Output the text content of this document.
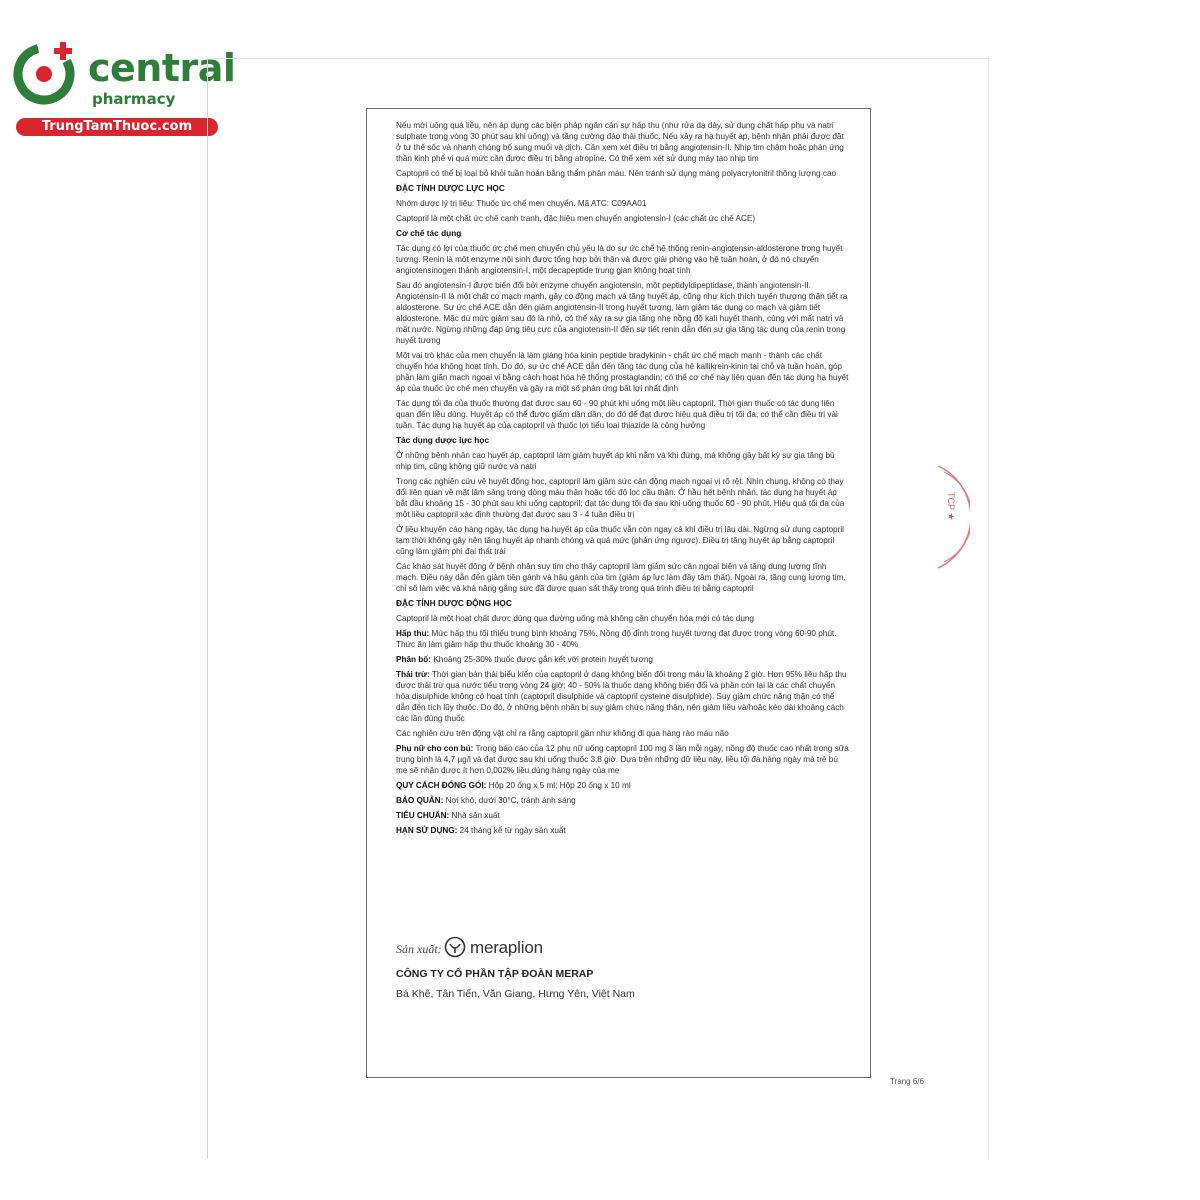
central
pharmacy
TrungTamThuoc.com
TCP ★
Nếu mới uống quá liều, nên áp dụng các biện pháp ngăn cản sự hấp thu (như rửa dạ dày, sử dụng chất hấp phụ và natri sulphate trong vòng 30 phút sau khi uống) và tăng cường đào thải thuốc. Nếu xảy ra hạ huyết áp, bệnh nhân phải được đặt ở tư thế sốc và nhanh chóng bổ sung muối và dịch. Cần xem xét điều trị bằng angiotensin-II. Nhịp tim chậm hoặc phản ứng thần kinh phế vị quá mức cần được điều trị bằng atropine. Có thể xem xét sử dụng máy tạo nhịp tim
Captopril có thể bị loại bỏ khỏi tuần hoàn bằng thẩm phân máu. Nên tránh sử dụng màng polyacrylonitril thông lượng cao
ĐẶC TÍNH DƯỢC LỰC HỌC
Nhóm dược lý trị liệu: Thuốc ức chế men chuyển. Mã ATC: C09AA01
Captopril là một chất ức chế cạnh tranh, đặc hiệu men chuyển angiotensin-I (các chất ức chế ACE)
Cơ chế tác dụng
Tác dụng có lợi của thuốc ức chế men chuyển chủ yếu là do sự ức chế hệ thống renin-angiotensin-aldosterone trong huyết tương. Renin là một enzyme nội sinh được tổng hợp bởi thận và được giải phóng vào hệ tuần hoàn, ở đó nó chuyển angiotensinogen thành angiotensin-I, một decapeptide trung gian không hoạt tính
Sau đó angiotensin-I được biến đổi bởi enzyme chuyển angiotensin, một peptidyldipeptidase, thành angiotensin-II. Angiotensin-II là một chất co mạch mạnh, gây co động mạch và tăng huyết áp, cũng như kích thích tuyến thượng thận tiết ra aldosterone. Sự ức chế ACE dẫn đến giảm angiotensin-II trong huyết tương, làm giảm tác dụng co mạch và giảm tiết aldosterone. Mặc dù mức giảm sau đó là nhỏ, có thể xảy ra sự gia tăng nhẹ nồng độ kali huyết thanh, cùng với mất natri và mất nước. Ngừng những đáp ứng tiêu cực của angiotensin-II đến sự tiết renin dẫn đến sự gia tăng tác dụng của renin trong huyết tương
Một vai trò khác của men chuyển là làm giáng hóa kinin peptide bradykinin - chất ức chế mạch mạnh - thành các chất chuyển hóa không hoạt tính. Do đó, sự ức chế ACE dẫn đến tăng tác dụng của hệ kallikrein-kinin tại chỗ và tuần hoàn, góp phần làm giãn mạch ngoại vi bằng cách hoạt hóa hệ thống prostaglandin; có thể cơ chế này liên quan đến tác dụng hạ huyết áp của thuốc ức chế men chuyển và gây ra một số phản ứng bất lợi nhất định
Tác dụng tối đa của thuốc thường đạt được sau 60 - 90 phút khi uống một liều captopril. Thời gian thuốc có tác dụng liên quan đến liều dùng. Huyết áp có thể được giảm dần dần, do đó để đạt được hiệu quả điều trị tối đa, có thể cần điều trị vài tuần. Tác dụng hạ huyết áp của captopril và thuốc lợi tiểu loại thiazide là cộng hưởng
Tác dụng dược lực học
Ở những bệnh nhân cao huyết áp, captopril làm giảm huyết áp khi nằm và khi đứng, mà không gây bất kỳ sự gia tăng bù nhịp tim, cũng không giữ nước và natri
Trong các nghiên cứu về huyết động học, captopril làm giảm sức cản động mạch ngoại vi rõ rệt. Nhìn chung, không có thay đổi liên quan về mặt lâm sàng trong dòng máu thận hoặc tốc độ lọc cầu thận. Ở hầu hết bệnh nhân, tác dụng hạ huyết áp bắt đầu khoảng 15 - 30 phút sau khi uống captopril; đạt tác dụng tối đa sau khi uống thuốc 60 - 90 phút. Hiệu quả tối đa của một liều captopril xác định thường đạt được sau 3 - 4 tuần điều trị
Ở liều khuyến cáo hàng ngày, tác dụng hạ huyết áp của thuốc vẫn còn ngay cả khi điều trị lâu dài. Ngừng sử dụng captopril tạm thời không gây nên tăng huyết áp nhanh chóng và quá mức (phản ứng ngược). Điều trị tăng huyết áp bằng captopril cũng làm giảm phì đại thất trái
Các khảo sát huyết động ở bệnh nhân suy tim cho thấy captopril làm giảm sức cản ngoại biên và tăng dung lượng tĩnh mạch. Điều này dẫn đến giảm tiền gánh và hậu gánh của tim (giảm áp lực làm đầy tâm thất). Ngoài ra, tăng cung lượng tim, chỉ số làm việc và khả năng gắng sức đã được quan sát thấy trong quá trình điều trị bằng captopril
ĐẶC TÍNH DƯỢC ĐỘNG HỌC
Captopril là một hoạt chất được dùng qua đường uống mà không cần chuyển hóa mới có tác dụng
Hấp thu: Mức hấp thu tối thiểu trung bình khoảng 75%. Nồng độ đỉnh trong huyết tương đạt được trong vòng 60-90 phút. Thức ăn làm giảm hấp thu thuốc khoảng 30 - 40%
Phân bố: Khoảng 25-30% thuốc được gắn kết với protein huyết tương
Thải trừ: Thời gian bán thải biểu kiến của captopril ở dạng không biến đổi trong máu là khoảng 2 giờ. Hơn 95% liều hấp thu được thải trừ qua nước tiểu trong vòng 24 giờ; 40 - 50% là thuốc dạng không biến đổi và phần còn lại là các chất chuyển hóa disulphide không có hoạt tính (captopril disulphide và captopril cysteine disulphide). Suy giảm chức năng thận có thể dẫn đến tích lũy thuốc. Do đó, ở những bệnh nhân bị suy giảm chức năng thận, nên giảm liều và/hoặc kéo dài khoảng cách các lần dùng thuốc
Các nghiên cứu trên động vật chỉ ra rằng captopril gần như không đi qua hàng rào máu não
Phụ nữ cho con bú: Trong báo cáo của 12 phụ nữ uống captopril 100 mg 3 lần mỗi ngày, nồng độ thuốc cao nhất trong sữa trung bình là 4,7 µg/l và đạt được sau khi uống thuốc 3,8 giờ. Dựa trên những dữ liệu này, liều tối đa hàng ngày mà trẻ bú mẹ sẽ nhận được ít hơn 0,002% liều dùng hàng ngày của mẹ
QUY CÁCH ĐÓNG GÓI: Hộp 20 ống x 5 ml; Hộp 20 ống x 10 ml
BẢO QUẢN: Nơi khô, dưới 30°C, tránh ánh sáng
TIÊU CHUẨN: Nhà sản xuất
HẠN SỬ DỤNG: 24 tháng kể từ ngày sản xuất
Sản xuất: meraplion
CÔNG TY CỔ PHẦN TẬP ĐOÀN MERAP
Bá Khê, Tân Tiến, Văn Giang, Hưng Yên, Việt Nam
Trang 6/6
